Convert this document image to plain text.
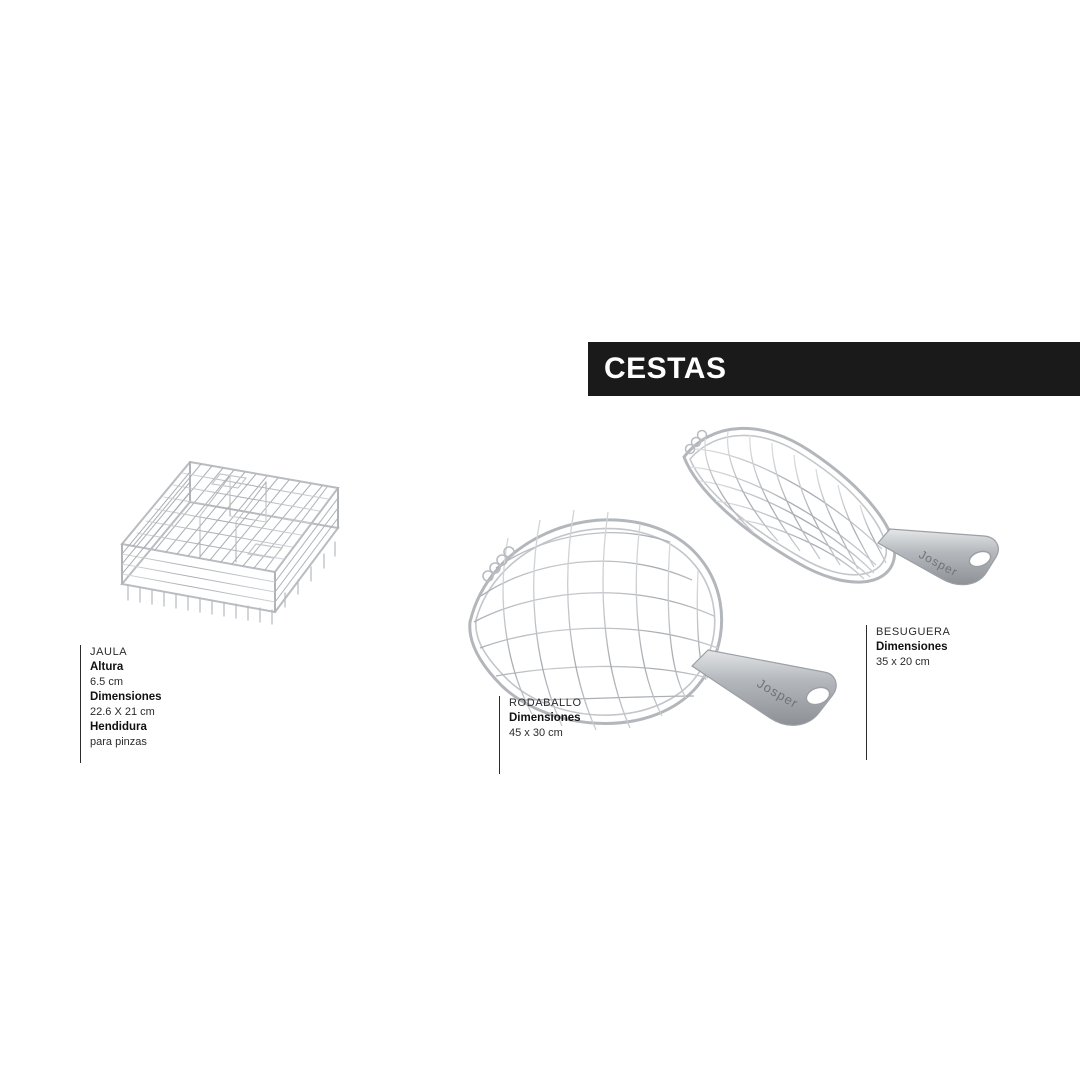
CESTAS
JAULA
Altura
6.5 cm
Dimensiones
22.6 X 21 cm
Hendidura
para pinzas
Josper
RODABALLO
Dimensiones
45 x 30 cm
Josper
BESUGUERA
Dimensiones
35 x 20 cm
